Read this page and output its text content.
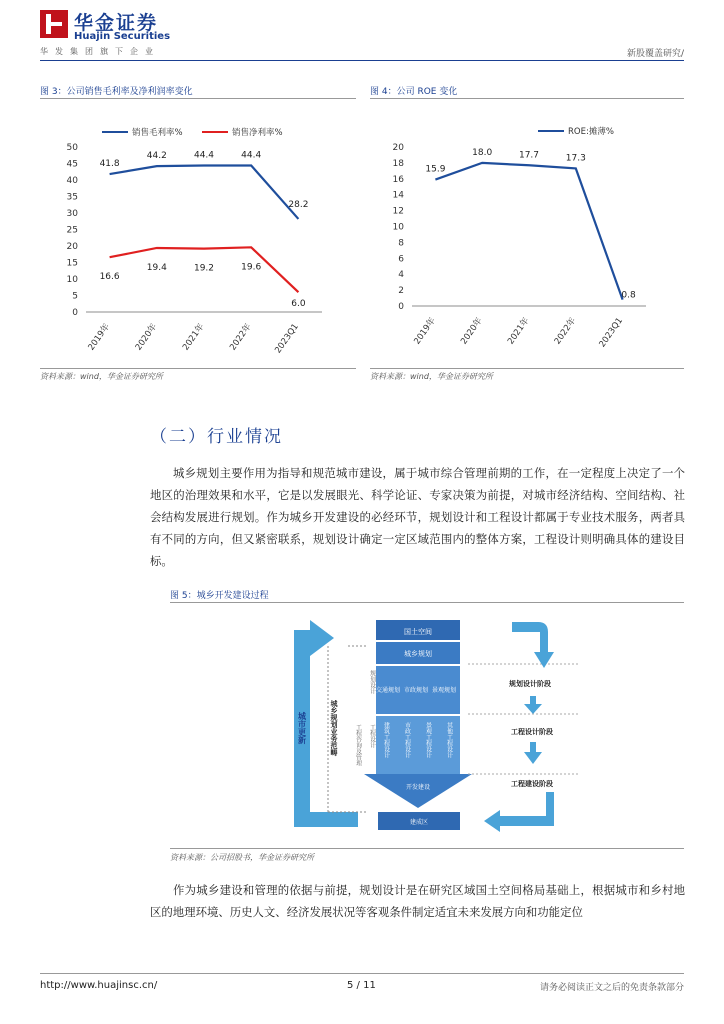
华金证券
Huajin Securities
华发集团旗下企业	新股覆盖研究/
图 3：公司销售毛利率及净利润率变化	图 4：公司 ROE 变化
0
5
10
15
20
25
30
35
40
45
50
2019年	2020年	2021年	2022年 2023Q1
销售毛利率%	销售净利率%
41.8
44.2	44.4	44.4
28.2
16.6
19.4	19.2	19.6
6.0	0
2
4
6
8
10
12
14
16
18
20
2019年	2020年	2021年	2022年 2023Q1
ROE:摊薄%
15.9
18.0	17.7	17.3
0.8
资料来源：wind，华金证券研究所	资料来源：wind，华金证券研究所
（二）行业情况
城乡规划主要作用为指导和规范城市建设，属于城市综合管理前期的工作，在一定程度上决定了一个地区的治理效果和水平，它是以发展眼光、科学论证、专家决策为前提，对城市经济结构、空间结构、社会结构发展进行规划。作为城乡开发建设的必经环节，规划设计和工程设计都属于专业技术服务，两者具有不同的方向，但又紧密联系，规划设计确定一定区域范围内的整体方案，工程设计则明确具体的建设目标。
图 5：城乡开发建设过程
城市更新
国土空间
城乡规划
交通规划 市政规划 景观规划
建筑工程设计 市政工程设计 景观工程设计 其他工程设计
开发建设
建成区
城乡规划业务范畴
规划设计
工程设计
工程咨询及管理
规划设计阶段
工程设计阶段
工程建设阶段
资料来源：公司招股书，华金证券研究所
作为城乡建设和管理的依据与前提，规划设计是在研究区域国土空间格局基础上，根据城市和乡村地区的地理环境、历史人文、经济发展状况等客观条件制定适宜未来发展方向和功能定位
http://www.huajinsc.cn/	5 / 11	请务必阅读正文之后的免责条款部分
